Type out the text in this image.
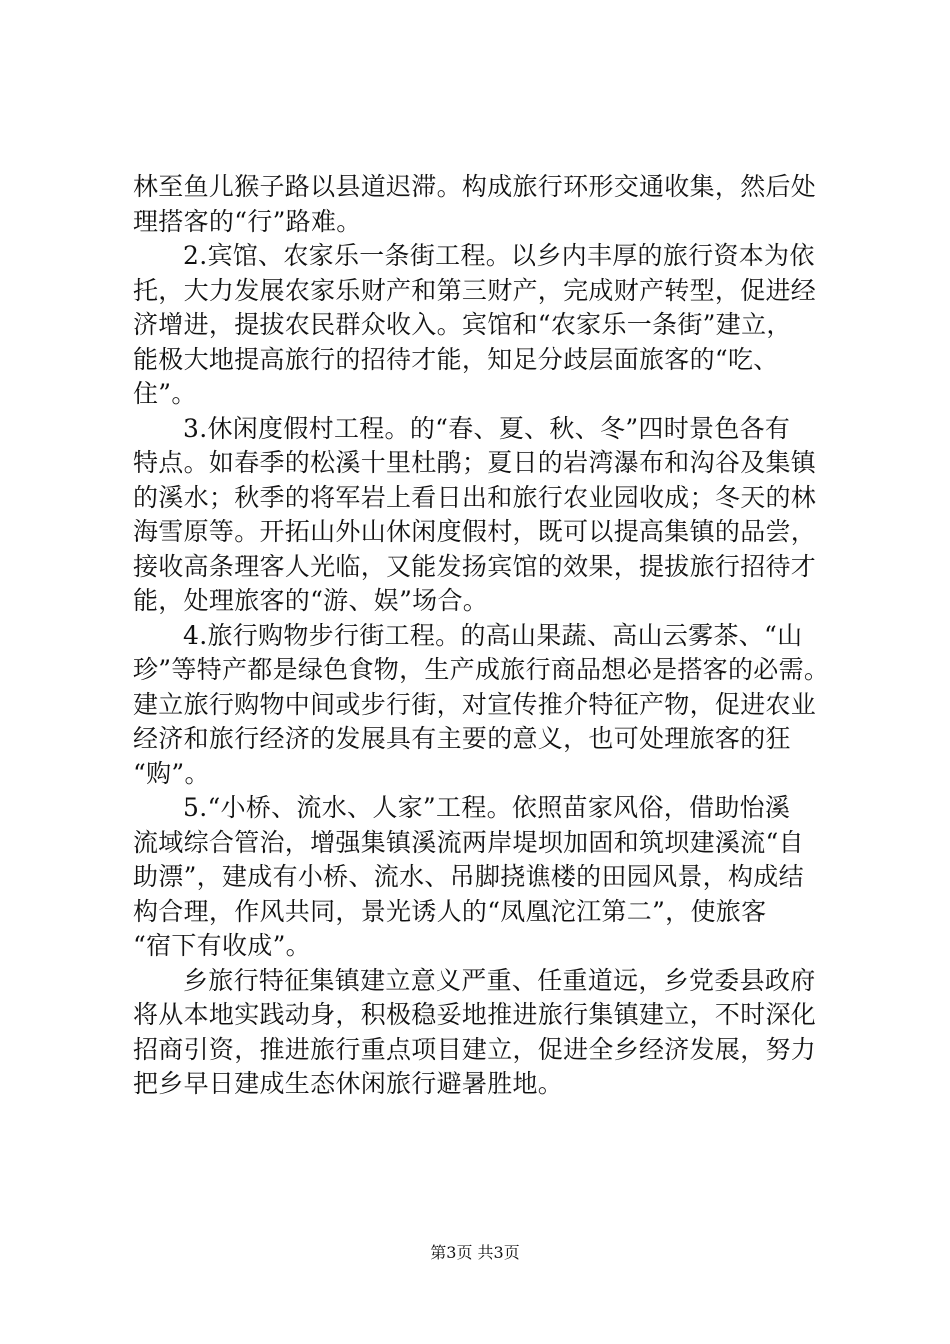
林至鱼儿猴子路以县道迟滞。构成旅行环形交通收集，然后处
理搭客的“行”路难。
2.宾馆、农家乐一条街工程。以乡内丰厚的旅行资本为依
托，大力发展农家乐财产和第三财产，完成财产转型，促进经
济增进，提拔农民群众收入。宾馆和“农家乐一条街”建立，
能极大地提高旅行的招待才能，知足分歧层面旅客的“吃、
住”。
3.休闲度假村工程。的“春、夏、秋、冬”四时景色各有
特点。如春季的松溪十里杜鹃；夏日的岩湾瀑布和沟谷及集镇
的溪水；秋季的将军岩上看日出和旅行农业园收成；冬天的林
海雪原等。开拓山外山休闲度假村，既可以提高集镇的品尝，
接收高条理客人光临，又能发扬宾馆的效果，提拔旅行招待才
能，处理旅客的“游、娱”场合。
4.旅行购物步行街工程。的高山果蔬、高山云雾茶、“山
珍”等特产都是绿色食物，生产成旅行商品想必是搭客的必需。
建立旅行购物中间或步行街，对宣传推介特征产物，促进农业
经济和旅行经济的发展具有主要的意义，也可处理旅客的狂
“购”。
5.“小桥、流水、人家”工程。依照苗家风俗，借助怡溪
流域综合管治，增强集镇溪流两岸堤坝加固和筑坝建溪流“自
助漂”，建成有小桥、流水、吊脚挠谯楼的田园风景，构成结
构合理，作风共同，景光诱人的“凤凰沱江第二”，使旅客
“宿下有收成”。
乡旅行特征集镇建立意义严重、任重道远，乡党委县政府
将从本地实践动身，积极稳妥地推进旅行集镇建立，不时深化
招商引资，推进旅行重点项目建立，促进全乡经济发展，努力
把乡早日建成生态休闲旅行避暑胜地。
第3页 共3页
